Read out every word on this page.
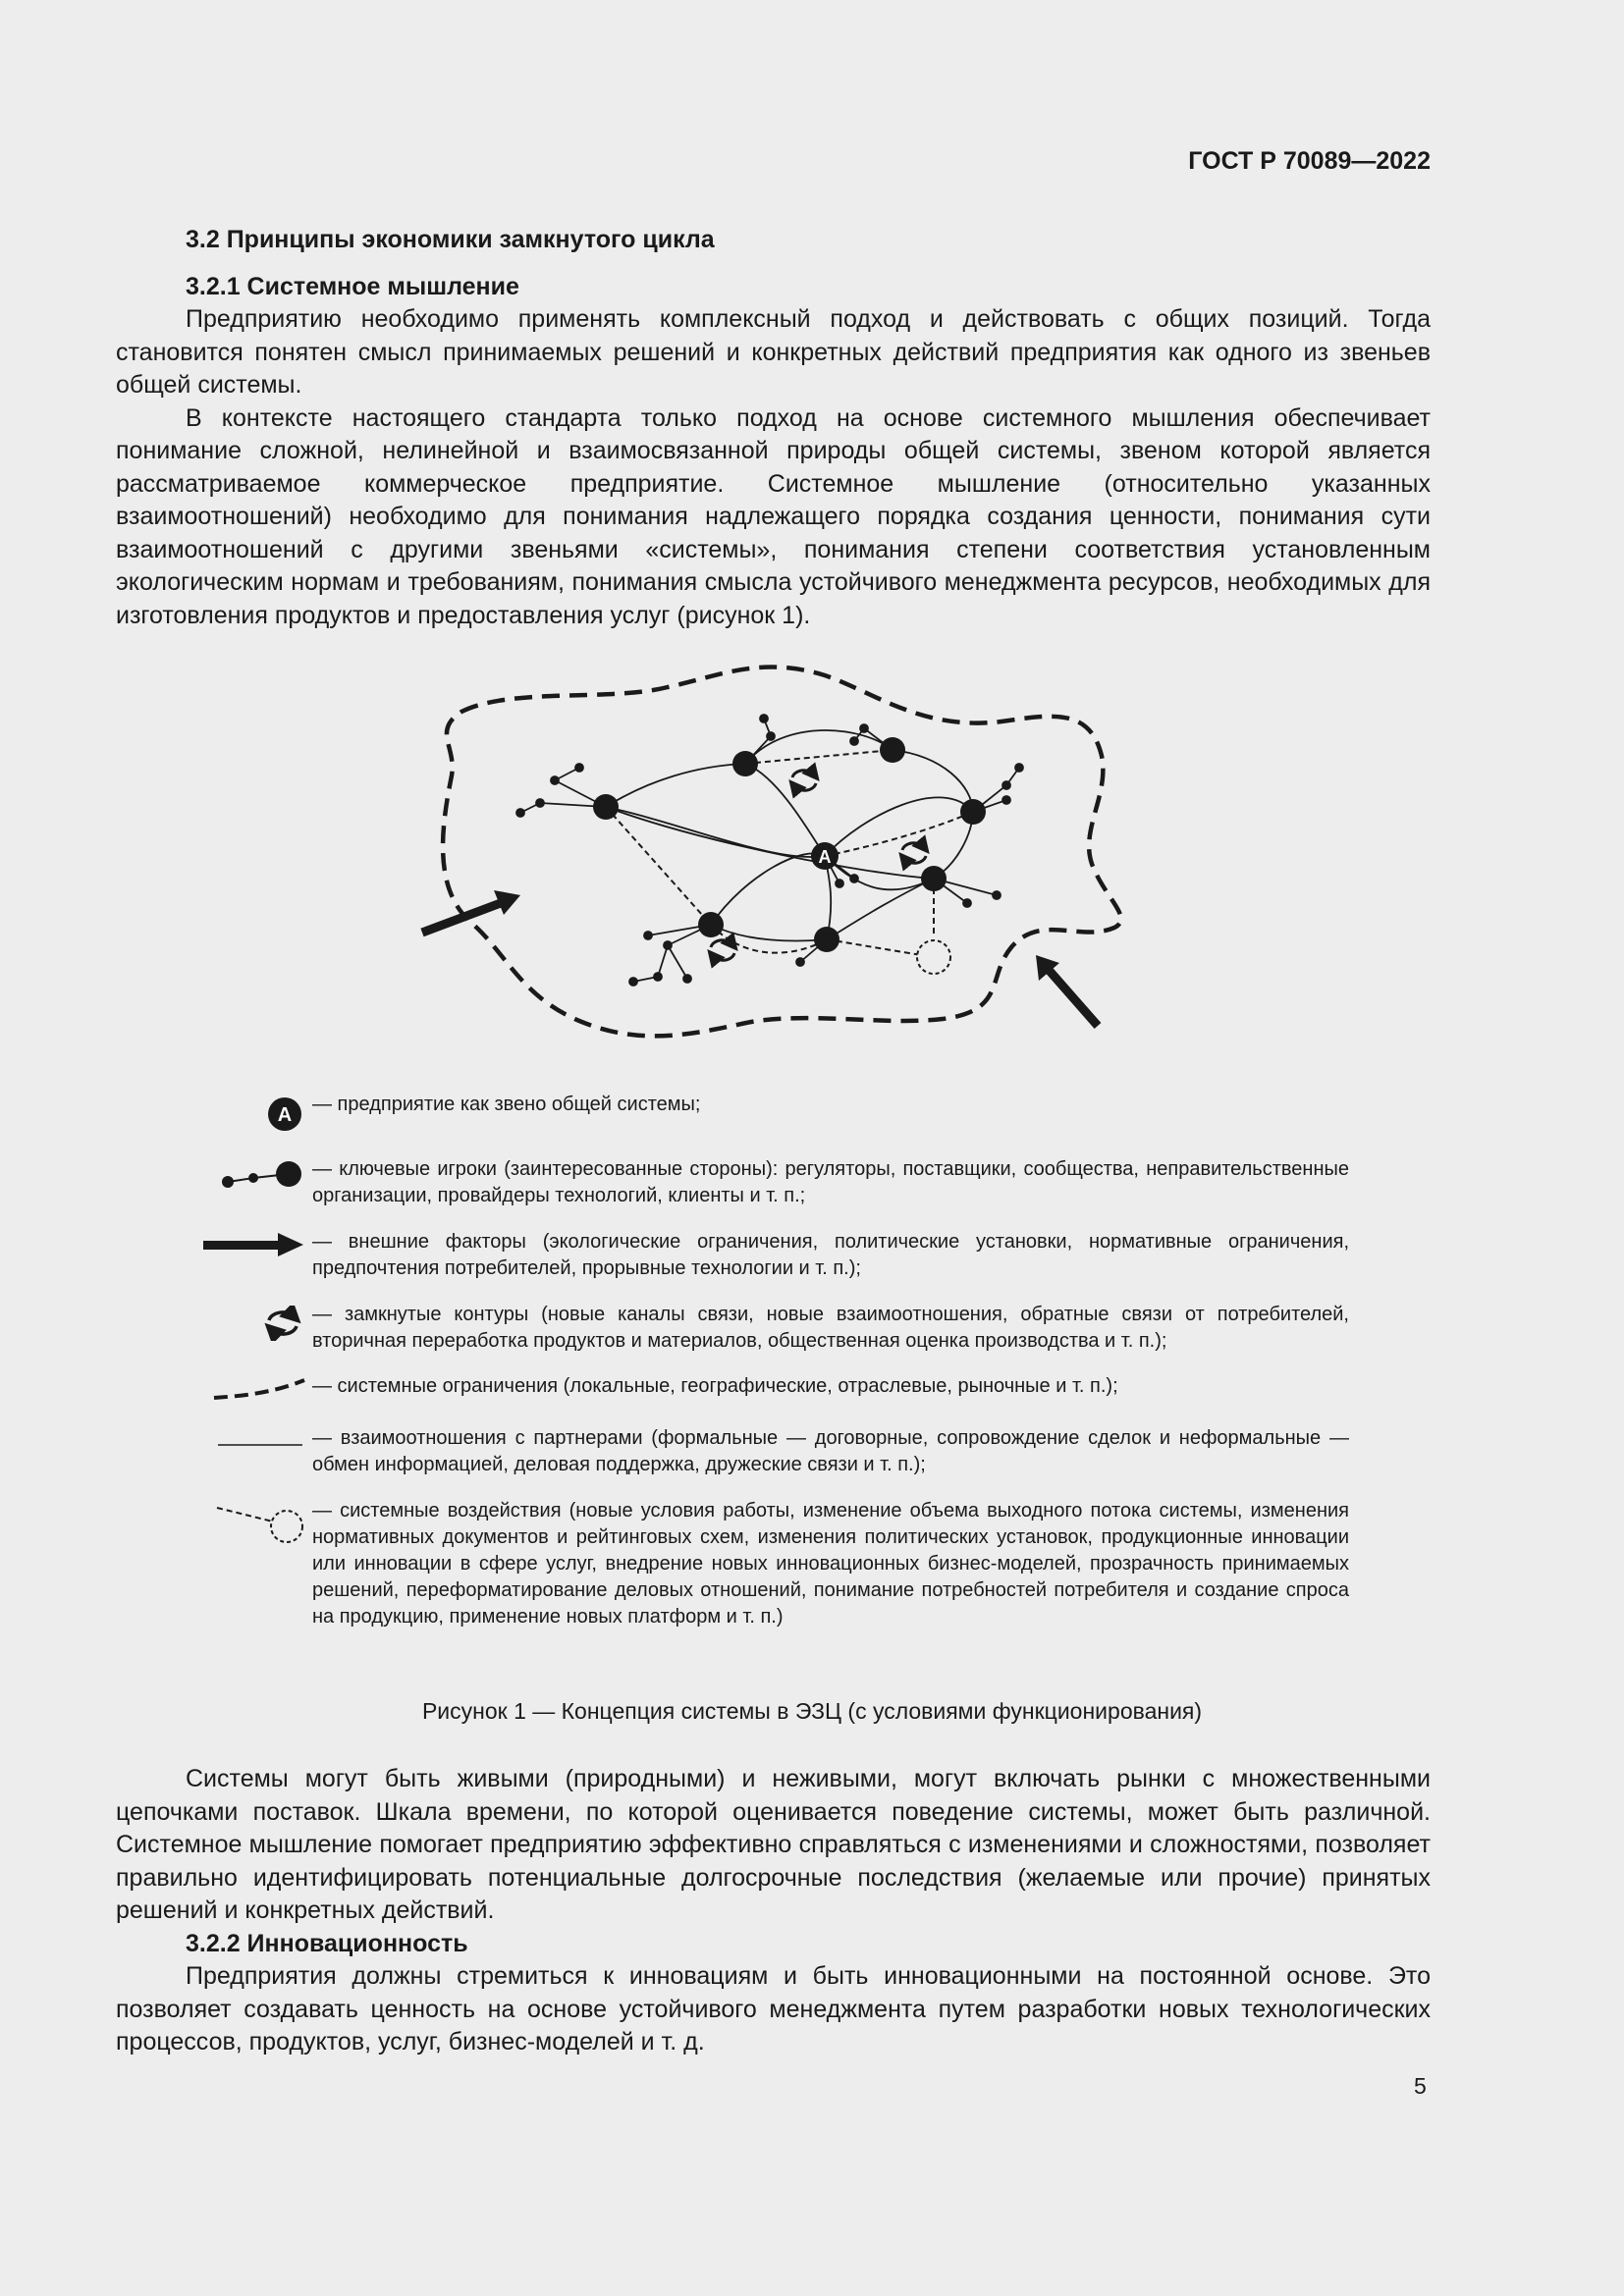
ГОСТ Р 70089—2022

3.2 Принципы экономики замкнутого цикла

3.2.1 Системное мышление

Предприятию необходимо применять комплексный подход и действовать с общих позиций. Тогда становится понятен смысл принимаемых решений и конкретных действий предприятия как одного из звеньев общей системы.

В контексте настоящего стандарта только подход на основе системного мышления обеспечивает понимание сложной, нелинейной и взаимосвязанной природы общей системы, звеном которой является рассматриваемое коммерческое предприятие. Системное мышление (относительно указанных взаимоотношений) необходимо для понимания надлежащего порядка создания ценности, понимания сути взаимоотношений с другими звеньями «системы», понимания степени соответствия установленным экологическим нормам и требованиям, понимания смысла устойчивого менеджмента ресурсов, необходимых для изготовления продуктов и предоставления услуг (рисунок 1).

A
A — предприятие как звено общей системы;
— ключевые игроки (заинтересованные стороны): регуляторы, поставщики, сообщества, неправительственные организации, провайдеры технологий, клиенты и т. п.;
— внешние факторы (экологические ограничения, политические установки, нормативные ограничения, предпочтения потребителей, прорывные технологии и т. п.);
— замкнутые контуры (новые каналы связи, новые взаимоотношения, обратные связи от потребителей, вторичная переработка продуктов и материалов, общественная оценка производства и т. п.);
— системные ограничения (локальные, географические, отраслевые, рыночные и т. п.);
— взаимоотношения с партнерами (формальные — договорные, сопровождение сделок и неформальные — обмен информацией, деловая поддержка, дружеские связи и т. п.);
— системные воздействия (новые условия работы, изменение объема выходного потока системы, изменения нормативных документов и рейтинговых схем, изменения политических установок, продукционные инновации или инновации в сфере услуг, внедрение новых инновационных бизнес-моделей, прозрачность принимаемых решений, переформатирование деловых отношений, понимание потребностей потребителя и создание спроса на продукцию, применение новых платформ и т. п.)
Рисунок 1 — Концепция системы в ЭЗЦ (с условиями функционирования)

Системы могут быть живыми (природными) и неживыми, могут включать рынки с множественными цепочками поставок. Шкала времени, по которой оценивается поведение системы, может быть различной. Системное мышление помогает предприятию эффективно справляться с изменениями и сложностями, позволяет правильно идентифицировать потенциальные долгосрочные последствия (желаемые или прочие) принятых решений и конкретных действий.

3.2.2 Инновационность

Предприятия должны стремиться к инновациям и быть инновационными на постоянной основе. Это позволяет создавать ценность на основе устойчивого менеджмента путем разработки новых технологических процессов, продуктов, услуг, бизнес-моделей и т. д.

5
